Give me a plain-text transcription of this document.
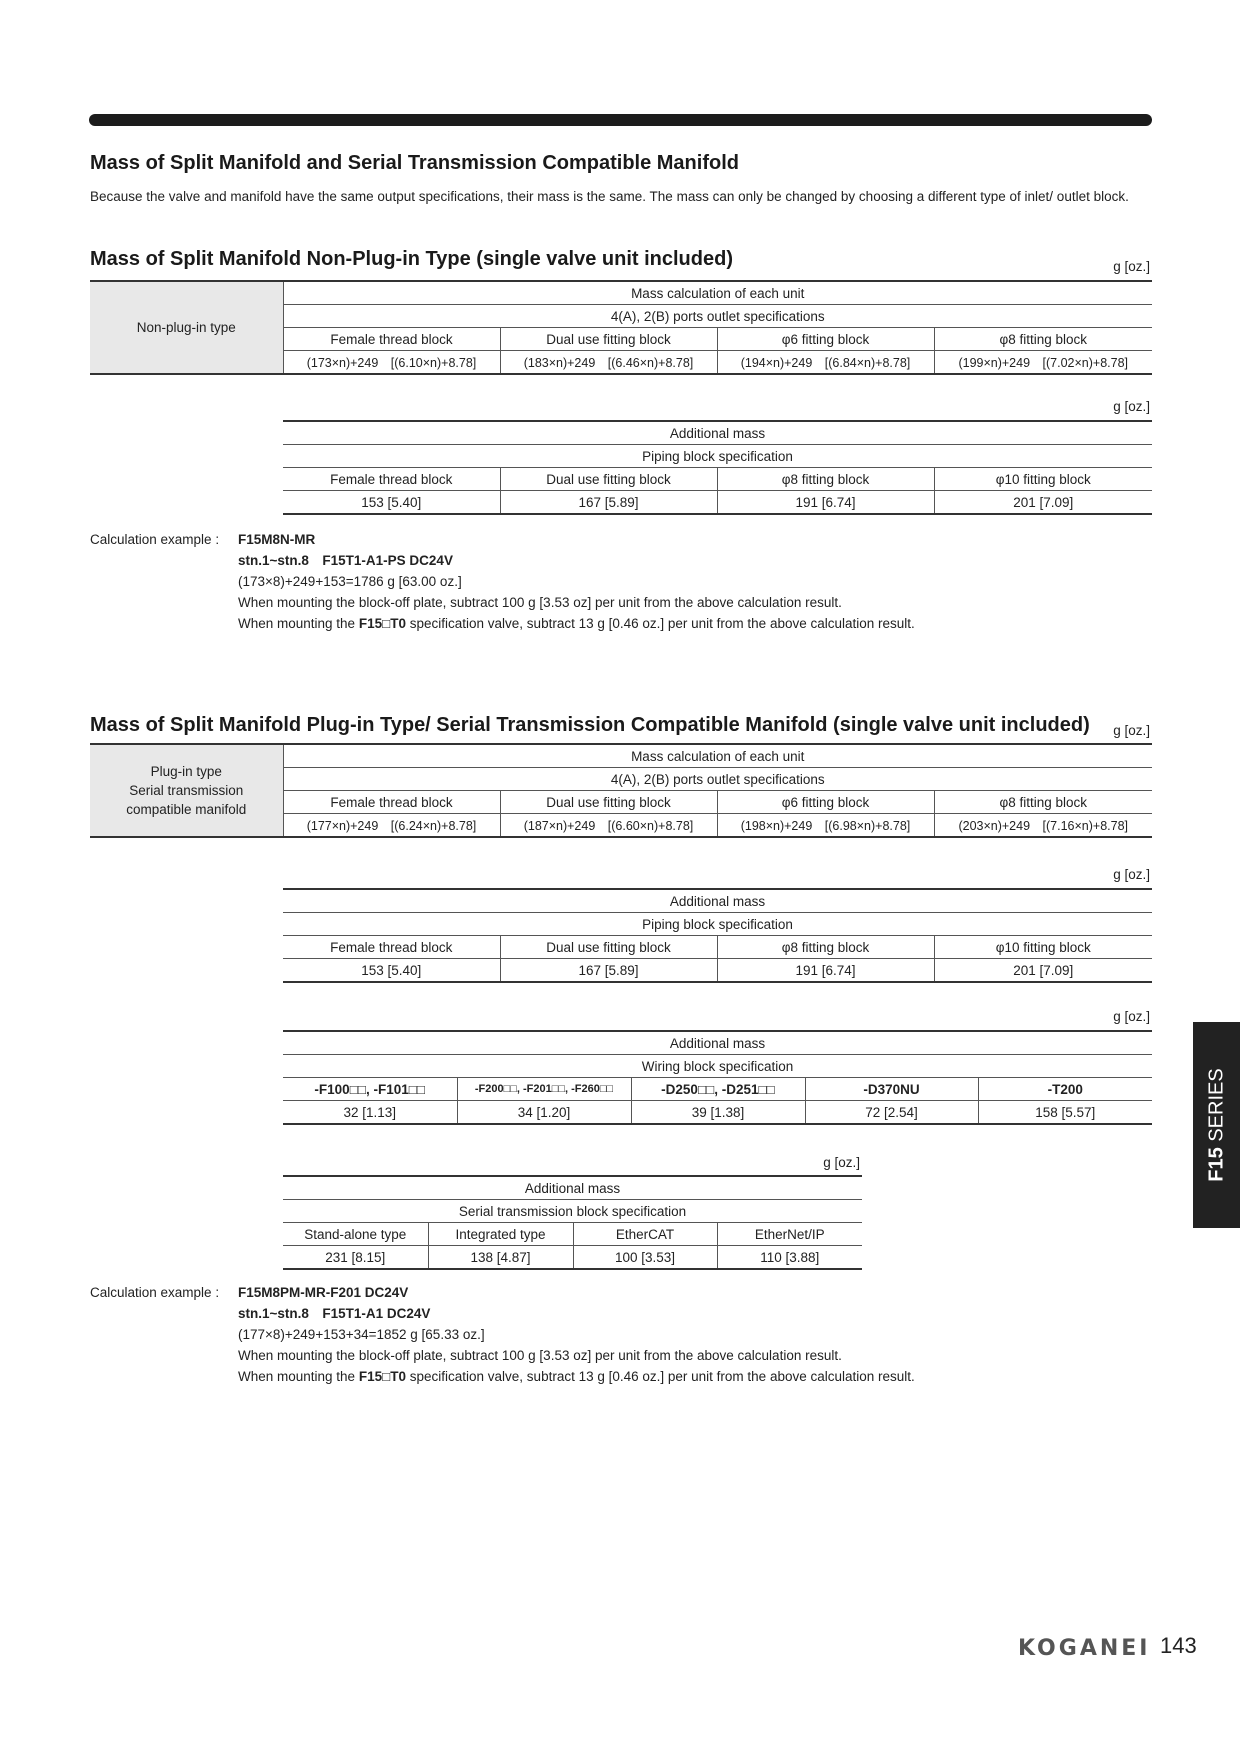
Mass of Split Manifold and Serial Transmission Compatible Manifold

Because the valve and manifold have the same output specifications, their mass is the same. The mass can only be changed by choosing a different type of inlet/ outlet block.

Mass of Split Manifold Non-Plug-in Type (single valve unit included)	g [oz.]
Non-plug-in type	Mass calculation of each unit			
	4(A), 2(B) ports outlet specifications			
	Female thread block	Dual use fitting block	φ6 fitting block	φ8 fitting block
	(173×n)+249　[(6.10×n)+8.78]	(183×n)+249　[(6.46×n)+8.78]	(194×n)+249　[(6.84×n)+8.78]	(199×n)+249　[(7.02×n)+8.78]
g [oz.]
Additional mass			
Piping block specification			
Female thread block	Dual use fitting block	φ8 fitting block	φ10 fitting block
153 [5.40]	167 [5.89]	191 [6.74]	201 [7.09]
Calculation example : F15M8N-MR
stn.1~stn.8　F15T1-A1-PS DC24V
(173×8)+249+153=1786 g [63.00 oz.]
When mounting the block-off plate, subtract 100 g [3.53 oz] per unit from the above calculation result.
When mounting the F15□T0 specification valve, subtract 13 g [0.46 oz.] per unit from the above calculation result.
Mass of Split Manifold Plug-in Type/ Serial Transmission Compatible Manifold (single valve unit included) g [oz.]
Plug-in type
Serial transmission
compatible manifold	Mass calculation of each unit			
	4(A), 2(B) ports outlet specifications			
	Female thread block	Dual use fitting block	φ6 fitting block	φ8 fitting block
	(177×n)+249　[(6.24×n)+8.78]	(187×n)+249　[(6.60×n)+8.78]	(198×n)+249　[(6.98×n)+8.78]	(203×n)+249　[(7.16×n)+8.78]
g [oz.]
Additional mass			
Piping block specification			
Female thread block	Dual use fitting block	φ8 fitting block	φ10 fitting block
153 [5.40]	167 [5.89]	191 [6.74]	201 [7.09]
g [oz.]
Additional mass				
Wiring block specification				
-F100□□, -F101□□	-F200□□, -F201□□, -F260□□	-D250□□, -D251□□	-D370NU	-T200
32 [1.13]	34 [1.20]	39 [1.38]	72 [2.54]	158 [5.57]
g [oz.]
Additional mass			
Serial transmission block specification			
Stand-alone type	Integrated type	EtherCAT	EtherNet/IP
231 [8.15]	138 [4.87]	100 [3.53]	110 [3.88]
Calculation example : F15M8PM-MR-F201 DC24V
stn.1~stn.8　F15T1-A1 DC24V
(177×8)+249+153+34=1852 g [65.33 oz.]
When mounting the block-off plate, subtract 100 g [3.53 oz] per unit from the above calculation result.
When mounting the F15□T0 specification valve, subtract 13 g [0.46 oz.] per unit from the above calculation result.
F15 SERIES
KOGANEI 143
